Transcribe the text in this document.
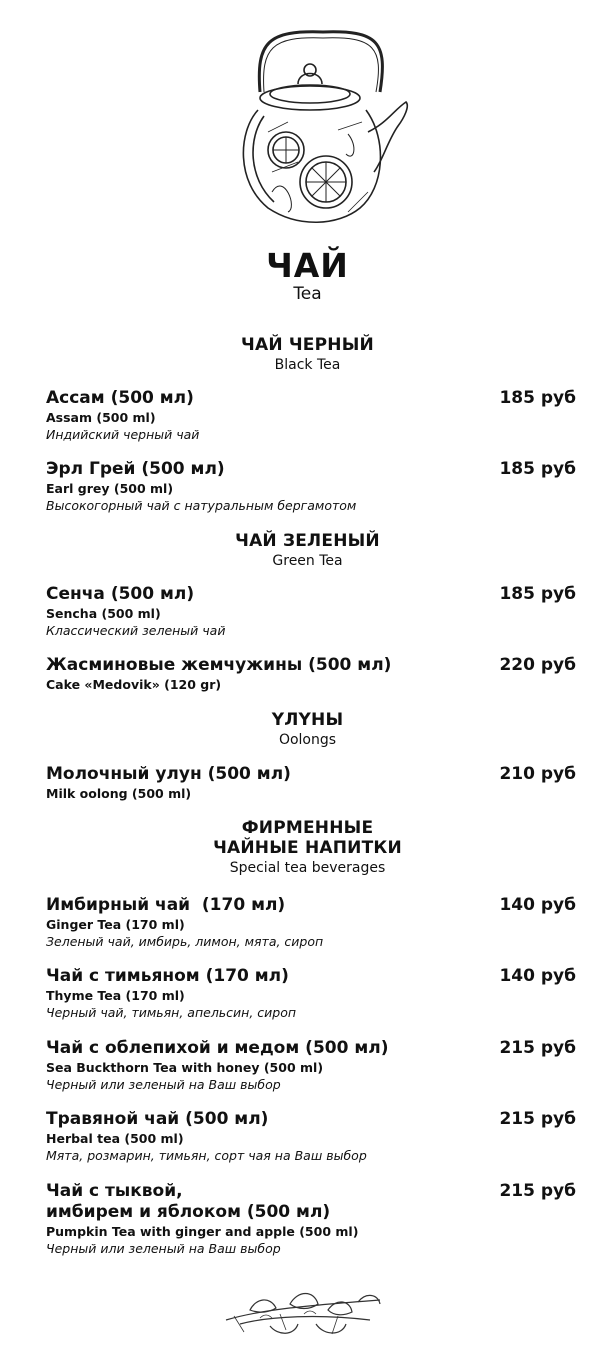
ЧАЙ
Tea
ЧАЙ ЧЕРНЫЙ
Black Tea
Ассам (500 мл)
Assam (500 ml)
Индийский черный чай
185 руб
Эрл Грей (500 мл)
Earl grey (500 ml)
Высокогорный чай с натуральным бергамотом
185 руб
ЧАЙ ЗЕЛЕНЫЙ
Green Tea
Сенча (500 мл)
Sencha (500 ml)
Классический зеленый чай
185 руб
Жасминовые жемчужины (500 мл)
Cake «Medovik» (120 gr)
220 руб
ҮЛҮНЫ
Oolongs
Молочный улун (500 мл)
Milk oolong (500 ml)
210 руб
ФИРМЕННЫЕ
ЧАЙНЫЕ НАПИТКИ
Special tea beverages
Имбирный чай  (170 мл)
Ginger Tea (170 ml)
Зеленый чай, имбирь, лимон, мята, сироп
140 руб
Чай с тимьяном (170 мл)
Thyme Tea (170 ml)
Черный чай, тимьян, апельсин, сироп
140 руб
Чай с облепихой и медом (500 мл)
Sea Buckthorn Tea with honey (500 ml)
Черный или зеленый на Ваш выбор
215 руб
Травяной чай (500 мл)
Herbal tea (500 ml)
Мята, розмарин, тимьян, сорт чая на Ваш выбор
215 руб
Чай с тыквой,
имбирем и яблоком (500 мл)
Pumpkin Tea with ginger and apple (500 ml)
Черный или зеленый на Ваш выбор
215 руб
